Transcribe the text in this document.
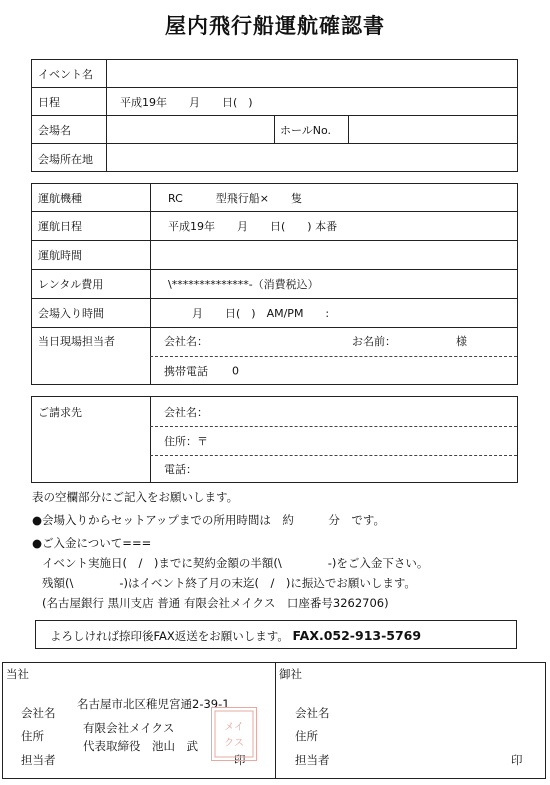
屋内飛行船運航確認書
イベント名
日程	平成19年　　月　　日(　)
会場名	ホールNo.
会場所在地
運航機種	RC　　　型飛行船×　　隻
運航日程	平成19年　　月　　日(　　) 本番
運航時間
レンタル費用	\**************-（消費税込）
会場入り時間	月　　日(　)　AM/PM　　:
当日現場担当者	会社名：	お名前：	様
携帯電話 0
ご請求先	会社名：
住所：〒
電話：
表の空欄部分にご記入をお願いします。
●会場入りからセットアップまでの所用時間は　約　　　分　です。
●ご入金について===
イベント実施日(　/　)までに契約金額の半額(\　　　　-)をご入金下さい。
残額(\　　　　-)はイベント終了月の末迄(　/　)に振込でお願いします。
(名古屋銀行 黒川支店 普通 有限会社メイクス　口座番号3262706)
よろしければ捺印後FAX返送をお願いします。 FAX.052-913-5769
当社
会社名
住所
担当者
名古屋市北区稚児宮通2-39-1
有限会社メイクス
代表取締役　池山　武
印
メイ
クス
御社
会社名
住所
担当者	印
